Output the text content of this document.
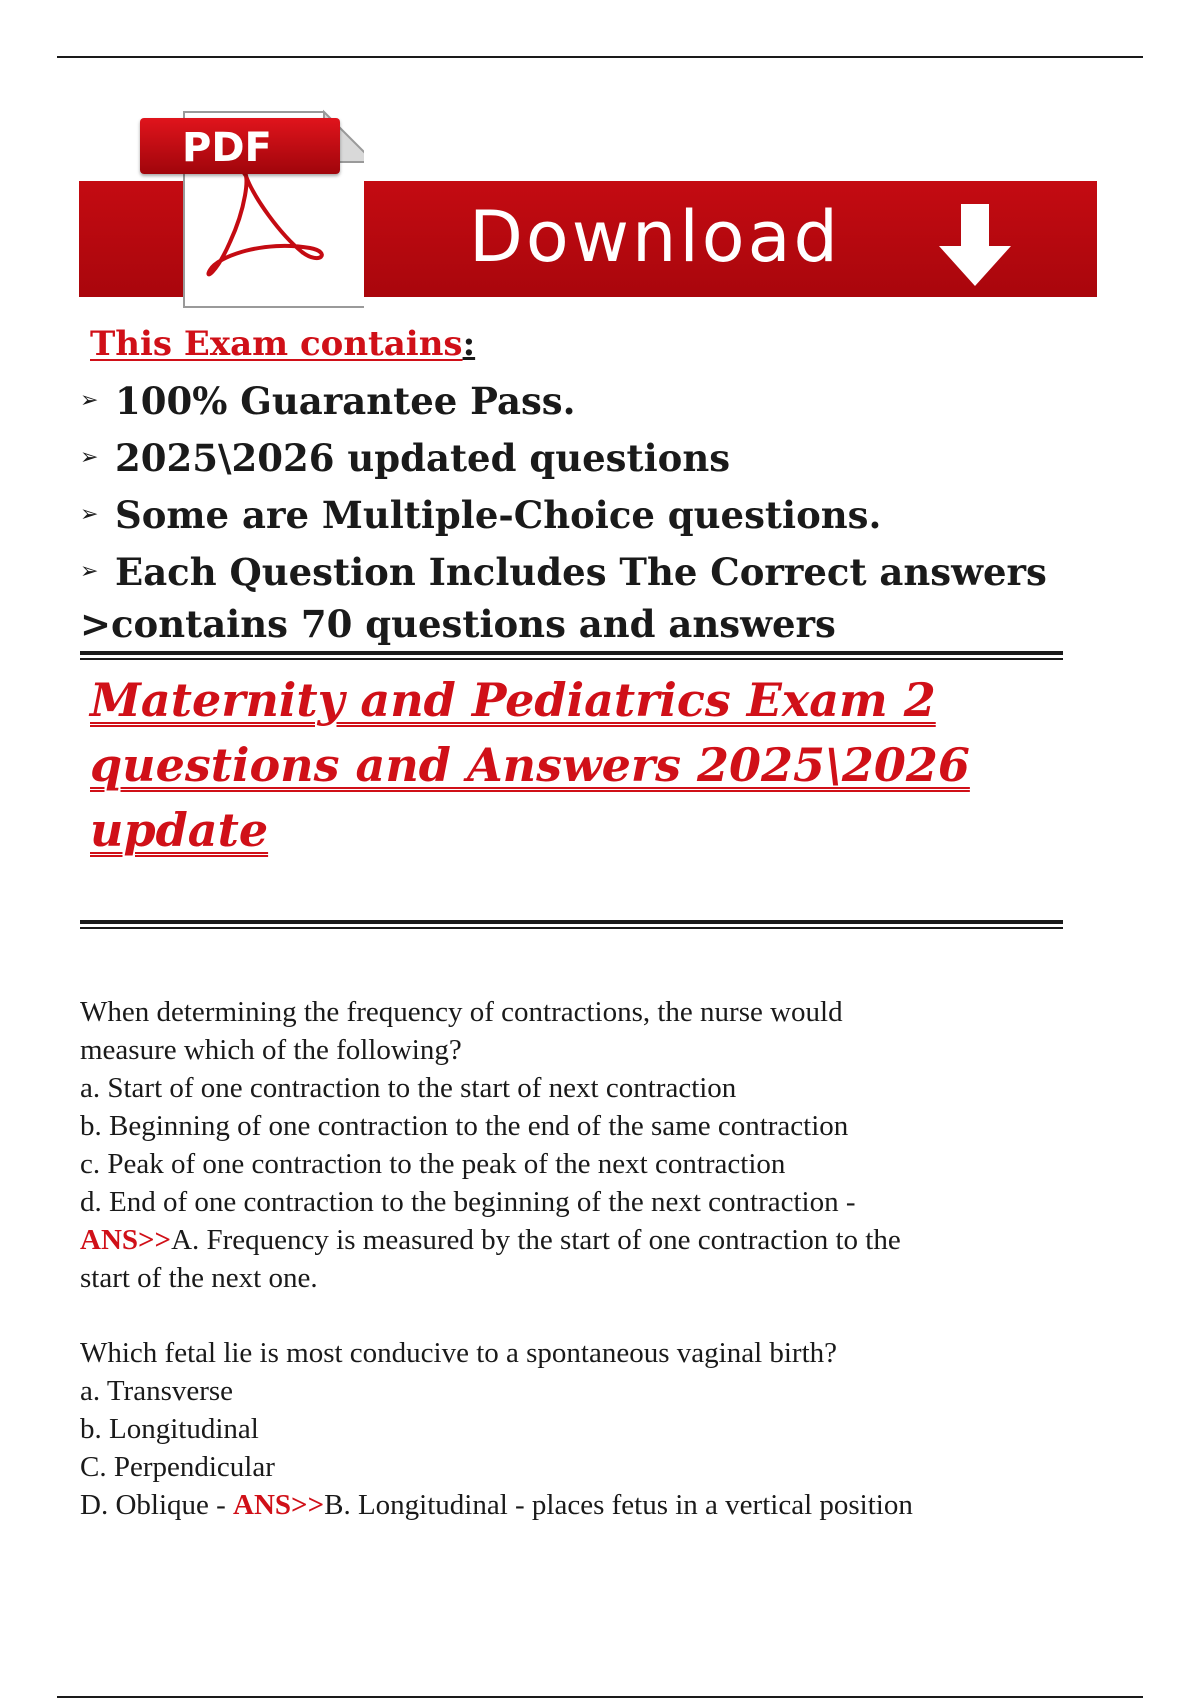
Download
PDF
This Exam contains:
➢ 100% Guarantee Pass.
➢ 2025\2026 updated questions
➢ Some are Multiple-Choice questions.
➢ Each Question Includes The Correct answers
>contains 70 questions and answers
Maternity and Pediatrics Exam 2
questions and Answers 2025\2026
update
When determining the frequency of contractions, the nurse would
measure which of the following?
a. Start of one contraction to the start of next contraction
b. Beginning of one contraction to the end of the same contraction
c. Peak of one contraction to the peak of the next contraction
d. End of one contraction to the beginning of the next contraction -
ANS>>A. Frequency is measured by the start of one contraction to the
start of the next one.
Which fetal lie is most conducive to a spontaneous vaginal birth?
a. Transverse
b. Longitudinal
C. Perpendicular
D. Oblique - ANS>>B. Longitudinal - places fetus in a vertical position
